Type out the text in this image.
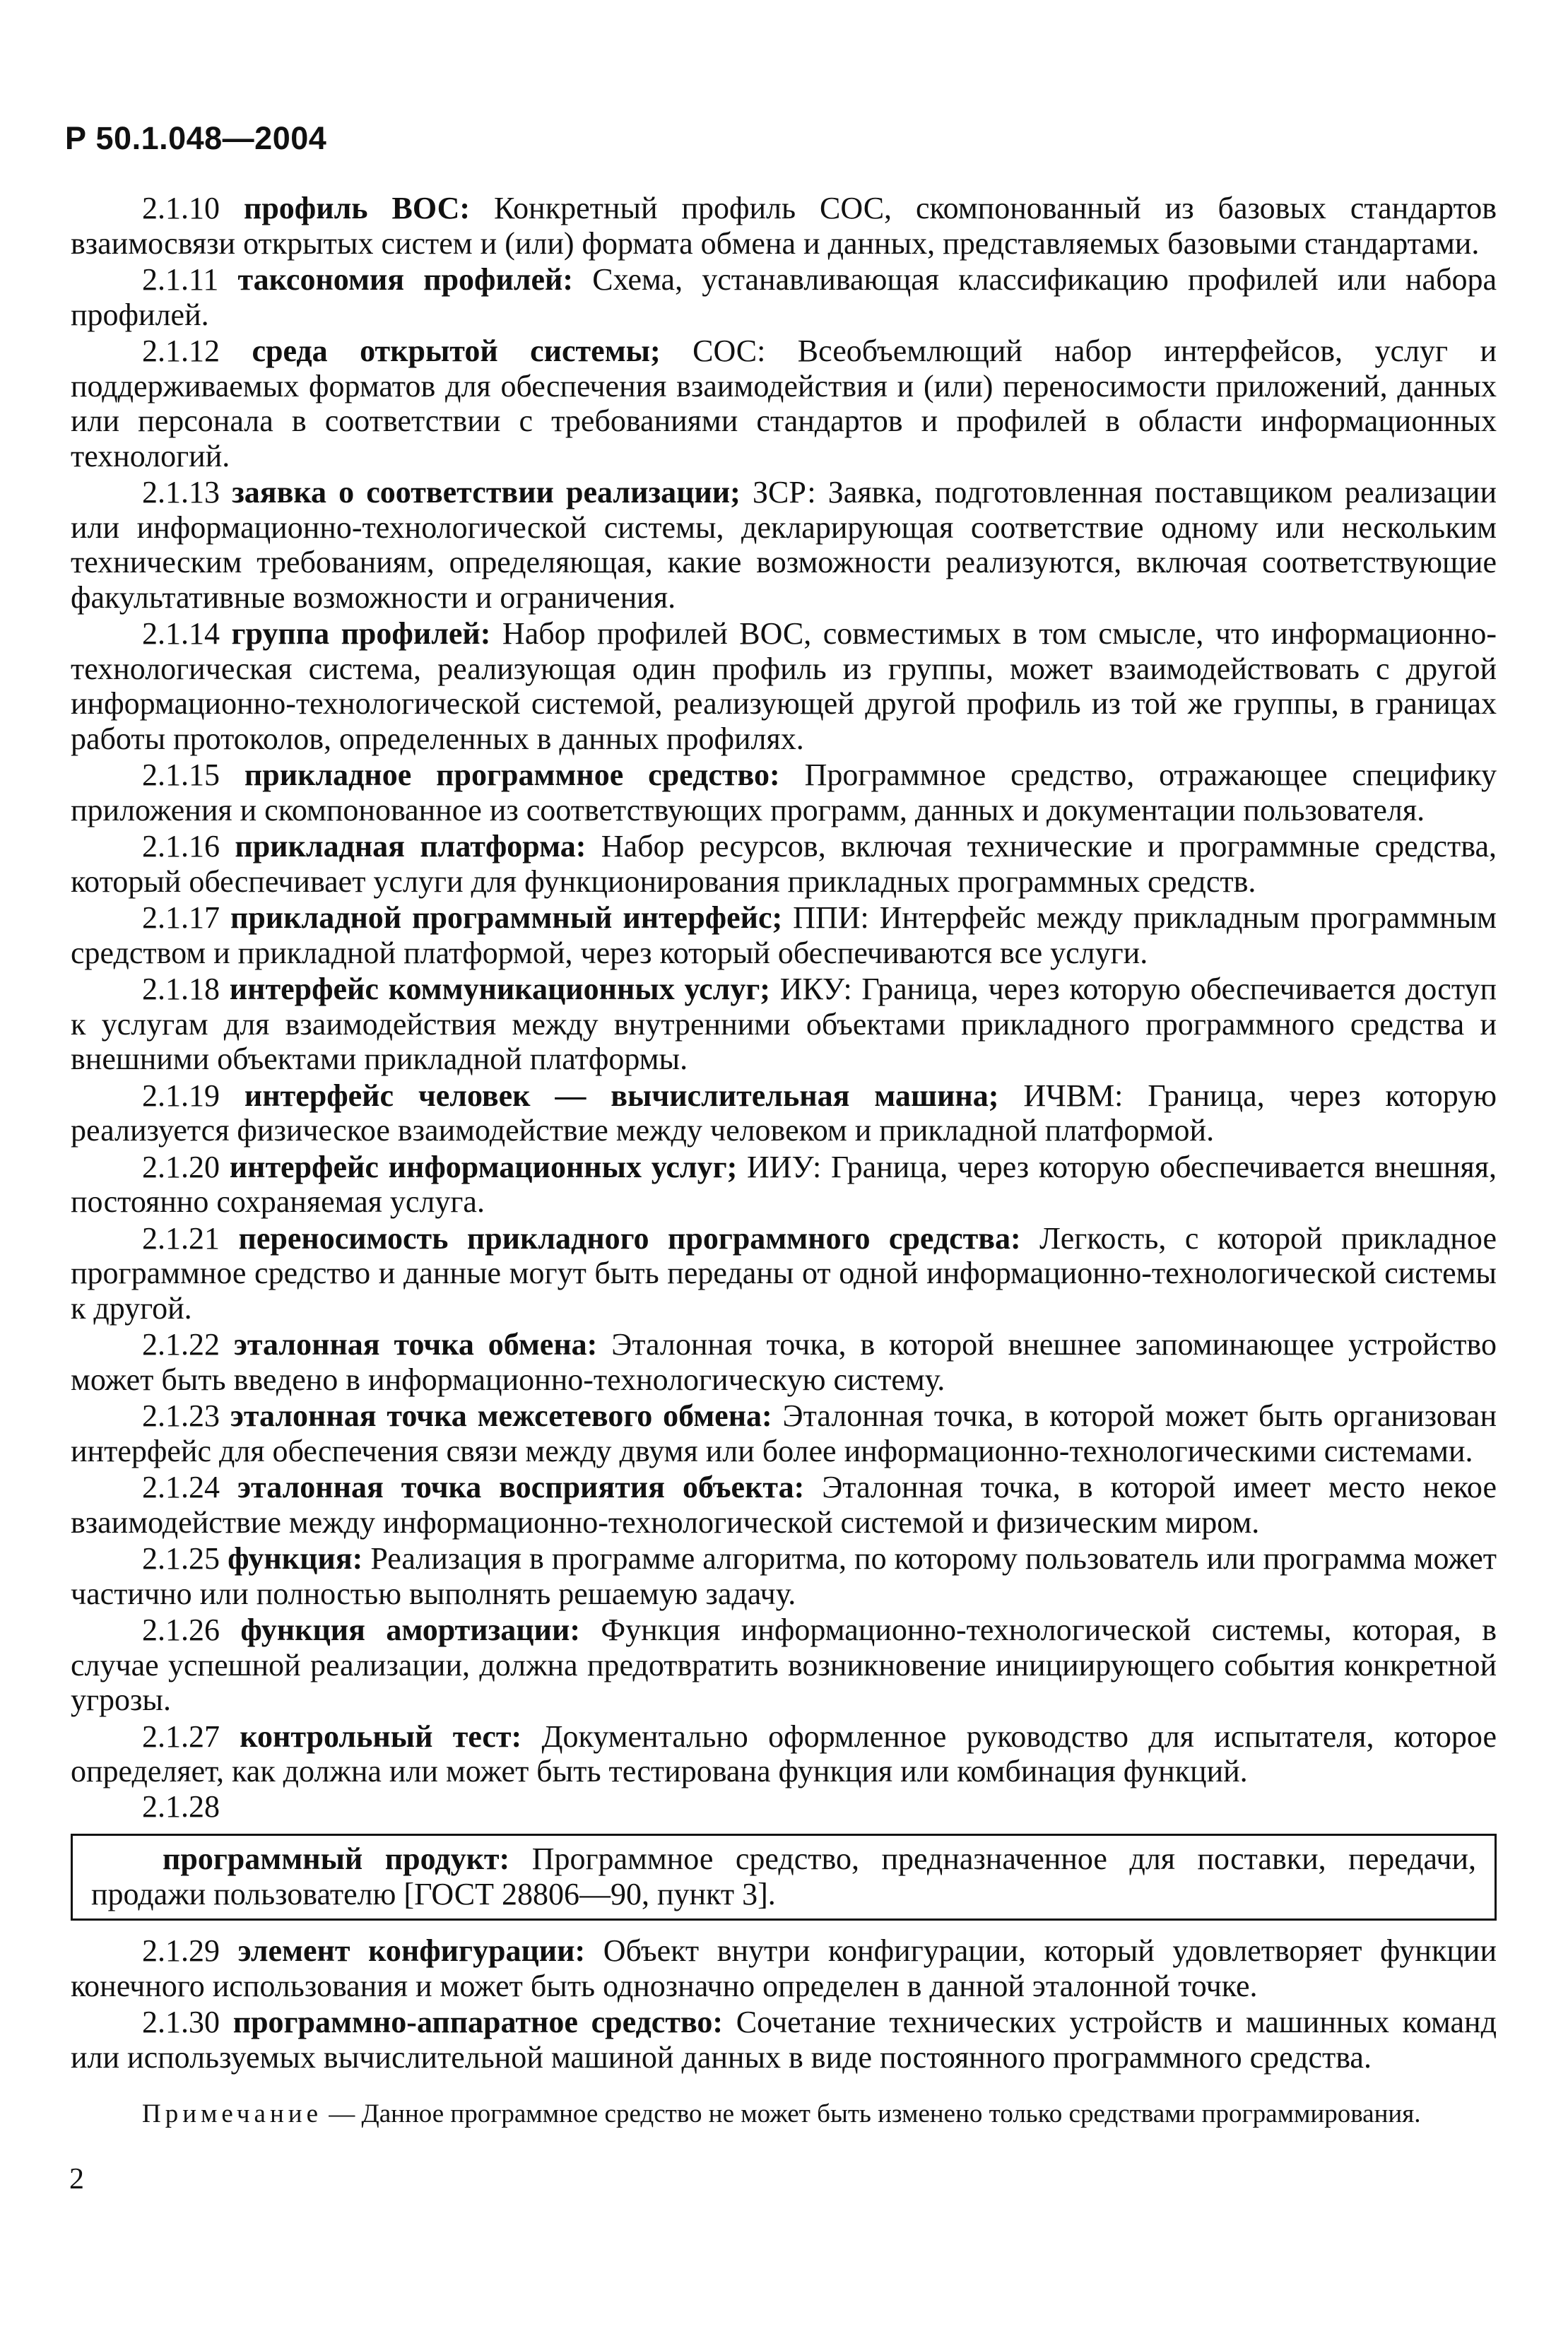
Р 50.1.048—2004

2.1.10 профиль ВОС: Конкретный профиль СОС, скомпонованный из базовых стандартов взаимосвязи открытых систем и (или) формата обмена и данных, представляемых базовыми стандартами.

2.1.11 таксономия профилей: Схема, устанавливающая классификацию профилей или набора профилей.

2.1.12 среда открытой системы; СОС: Всеобъемлющий набор интерфейсов, услуг и поддерживаемых форматов для обеспечения взаимодействия и (или) переносимости приложений, данных или персонала в соответствии с требованиями стандартов и профилей в области информационных технологий.

2.1.13 заявка о соответствии реализации; ЗСР: Заявка, подготовленная поставщиком реализации или информационно-технологической системы, декларирующая соответствие одному или нескольким техническим требованиям, определяющая, какие возможности реализуются, включая соответствующие факультативные возможности и ограничения.

2.1.14 группа профилей: Набор профилей ВОС, совместимых в том смысле, что информационно-технологическая система, реализующая один профиль из группы, может взаимодействовать с другой информационно-технологической системой, реализующей другой профиль из той же группы, в границах работы протоколов, определенных в данных профилях.

2.1.15 прикладное программное средство: Программное средство, отражающее специфику приложения и скомпонованное из соответствующих программ, данных и документации пользователя.

2.1.16 прикладная платформа: Набор ресурсов, включая технические и программные средства, который обеспечивает услуги для функционирования прикладных программных средств.

2.1.17 прикладной программный интерфейс; ППИ: Интерфейс между прикладным программным средством и прикладной платформой, через который обеспечиваются все услуги.

2.1.18 интерфейс коммуникационных услуг; ИКУ: Граница, через которую обеспечивается доступ к услугам для взаимодействия между внутренними объектами прикладного программного средства и внешними объектами прикладной платформы.

2.1.19 интерфейс человек — вычислительная машина; ИЧВМ: Граница, через которую реализуется физическое взаимодействие между человеком и прикладной платформой.

2.1.20 интерфейс информационных услуг; ИИУ: Граница, через которую обеспечивается внешняя, постоянно сохраняемая услуга.

2.1.21 переносимость прикладного программного средства: Легкость, с которой прикладное программное средство и данные могут быть переданы от одной информационно-технологической системы к другой.

2.1.22 эталонная точка обмена: Эталонная точка, в которой внешнее запоминающее устройство может быть введено в информационно-технологическую систему.

2.1.23 эталонная точка межсетевого обмена: Эталонная точка, в которой может быть организован интерфейс для обеспечения связи между двумя или более информационно-технологическими системами.

2.1.24 эталонная точка восприятия объекта: Эталонная точка, в которой имеет место некое взаимодействие между информационно-технологической системой и физическим миром.

2.1.25 функция: Реализация в программе алгоритма, по которому пользователь или программа может частично или полностью выполнять решаемую задачу.

2.1.26 функция амортизации: Функция информационно-технологической системы, которая, в случае успешной реализации, должна предотвратить возникновение инициирующего события конкретной угрозы.

2.1.27 контрольный тест: Документально оформленное руководство для испытателя, которое определяет, как должна или может быть тестирована функция или комбинация функций.

2.1.28

программный продукт: Программное средство, предназначенное для поставки, передачи, продажи пользователю [ГОСТ 28806—90, пункт 3].

2.1.29 элемент конфигурации: Объект внутри конфигурации, который удовлетворяет функции конечного использования и может быть однозначно определен в данной эталонной точке.

2.1.30 программно-аппаратное средство: Сочетание технических устройств и машинных команд или используемых вычислительной машиной данных в виде постоянного программного средства.

Примечание — Данное программное средство не может быть изменено только средствами программирования.

2
